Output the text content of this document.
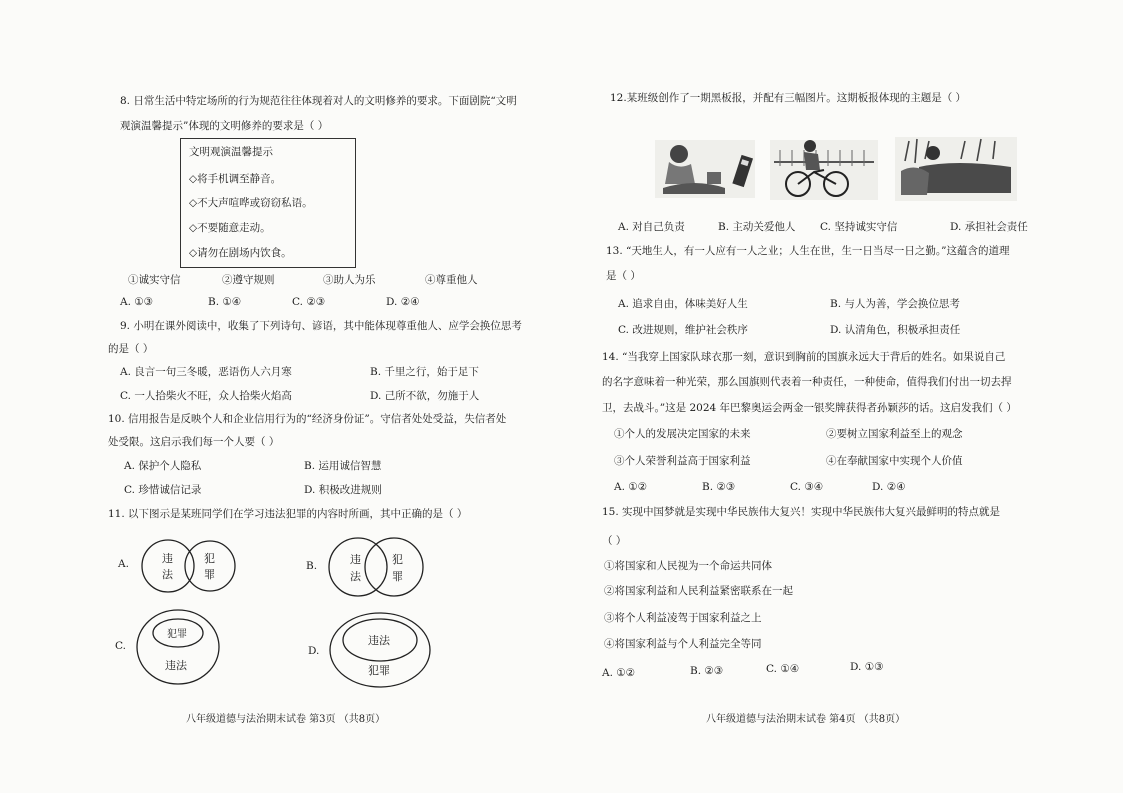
8. 日常生活中特定场所的行为规范往往体现着对人的文明修养的要求。下面剧院“文明
观演温馨提示”体现的文明修养的要求是（ ）
文明观演温馨提示
◇将手机调至静音。
◇不大声喧哗或窃窃私语。
◇不要随意走动。
◇请勿在剧场内饮食。
①诚实守信	②遵守规则	③助人为乐	④尊重他人
A. ①③	B. ①④	C. ②③	D. ②④
9. 小明在课外阅读中，收集了下列诗句、谚语，其中能体现尊重他人、应学会换位思考
的是（ ）
A. 良言一句三冬暖，恶语伤人六月寒	B. 千里之行，始于足下
C. 一人拾柴火不旺，众人拾柴火焰高	D. 己所不欲，勿施于人
10. 信用报告是反映个人和企业信用行为的“经济身份证”。守信者处处受益，失信者处
处受限。这启示我们每一个人要（ ）
A. 保护个人隐私	B. 运用诚信智慧
C. 珍惜诚信记录	D. 积极改进规则
11. 以下图示是某班同学们在学习违法犯罪的内容时所画，其中正确的是（ ）
A.	违
法
犯
罪
B.	违
法
犯
罪
C.
犯罪
违法
D.
违法
犯罪
八年级道德与法治期末试卷 第3页 （共8页）
12.某班级创作了一期黑板报，并配有三幅图片。这期板报体现的主题是（ ）
A. 对自己负责	B. 主动关爱他人 C. 坚持诚实守信	D. 承担社会责任
13. “天地生人，有一人应有一人之业；人生在世，生一日当尽一日之勤。”这蕴含的道理
是（ ）
A. 追求自由，体味美好人生	B. 与人为善，学会换位思考
C. 改进规则，维护社会秩序	D. 认清角色，积极承担责任
14. “当我穿上国家队球衣那一刻，意识到胸前的国旗永远大于背后的姓名。如果说自己
的名字意味着一种光荣，那么国旗则代表着一种责任，一种使命，值得我们付出一切去捍
卫，去战斗。”这是 2024 年巴黎奥运会两金一银奖牌获得者孙颖莎的话。这启发我们（ ）
①个人的发展决定国家的未来	②要树立国家利益至上的观念
③个人荣誉利益高于国家利益	④在奉献国家中实现个人价值
A. ①②	B. ②③	C. ③④	D. ②④
15. 实现中国梦就是实现中华民族伟大复兴！实现中华民族伟大复兴最鲜明的特点就是
（ ）
①将国家和人民视为一个命运共同体
②将国家利益和人民利益紧密联系在一起
③将个人利益凌驾于国家利益之上
④将国家利益与个人利益完全等同
A. ①②	B. ②③	C. ①④	D. ①③
八年级道德与法治期末试卷 第4页 （共8页）
